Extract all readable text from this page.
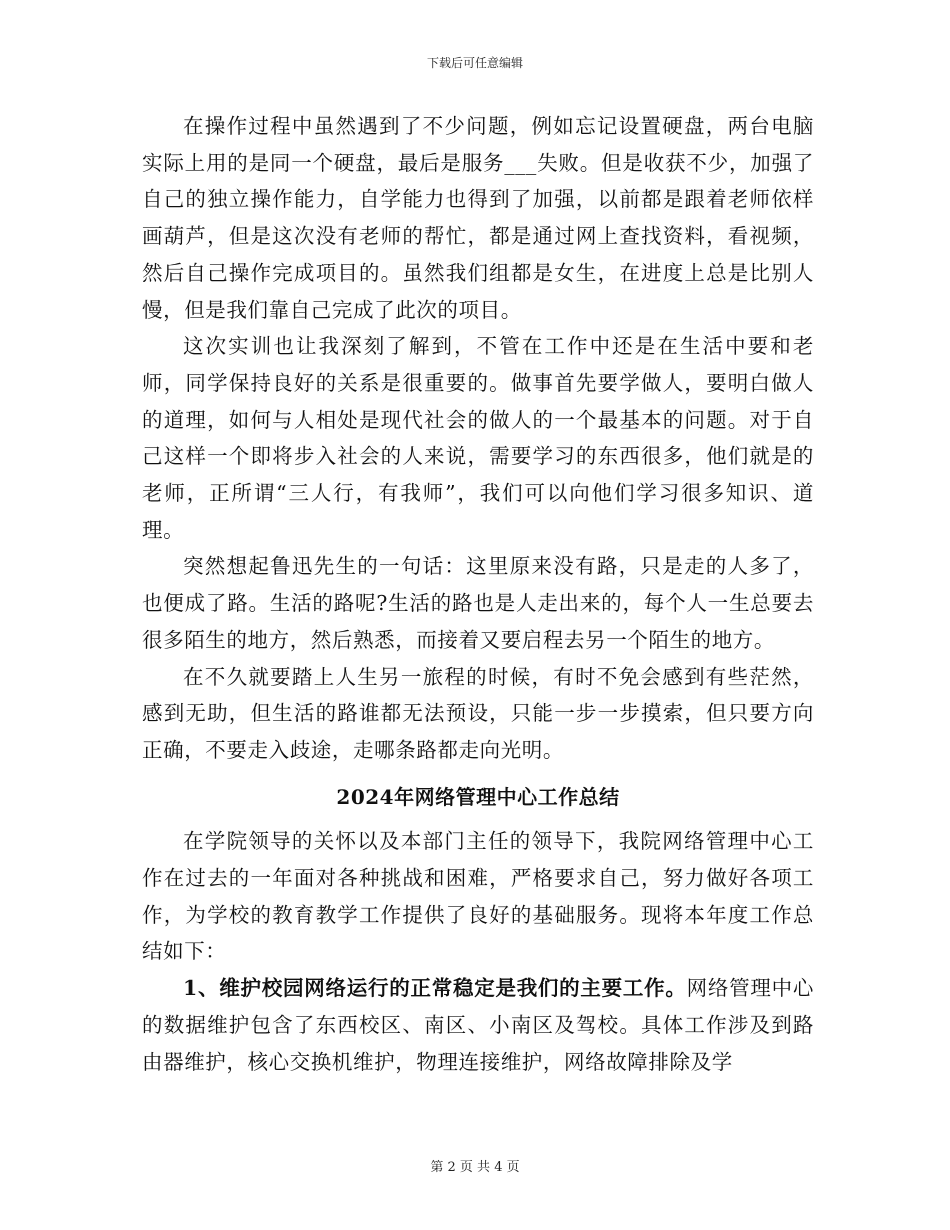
下载后可任意编辑

在操作过程中虽然遇到了不少问题，例如忘记设置硬盘，两台电脑实际上用的是同一个硬盘，最后是服务___失败。但是收获不少，加强了自己的独立操作能力，自学能力也得到了加强，以前都是跟着老师依样画葫芦，但是这次没有老师的帮忙，都是通过网上查找资料，看视频，然后自己操作完成项目的。虽然我们组都是女生，在进度上总是比别人慢，但是我们靠自己完成了此次的项目。

这次实训也让我深刻了解到，不管在工作中还是在生活中要和老师，同学保持良好的关系是很重要的。做事首先要学做人，要明白做人的道理，如何与人相处是现代社会的做人的一个最基本的问题。对于自己这样一个即将步入社会的人来说，需要学习的东西很多，他们就是的老师，正所谓“三人行，有我师”，我们可以向他们学习很多知识、道理。

突然想起鲁迅先生的一句话：这里原来没有路，只是走的人多了，也便成了路。生活的路呢?生活的路也是人走出来的，每个人一生总要去很多陌生的地方，然后熟悉，而接着又要启程去另一个陌生的地方。

在不久就要踏上人生另一旅程的时候，有时不免会感到有些茫然，感到无助，但生活的路谁都无法预设，只能一步一步摸索，但只要方向正确，不要走入歧途，走哪条路都走向光明。

2024年网络管理中心工作总结

在学院领导的关怀以及本部门主任的领导下，我院网络管理中心工作在过去的一年面对各种挑战和困难，严格要求自己，努力做好各项工作，为学校的教育教学工作提供了良好的基础服务。现将本年度工作总结如下：

1、维护校园网络运行的正常稳定是我们的主要工作。网络管理中心的数据维护包含了东西校区、南区、小南区及驾校。具体工作涉及到路由器维护，核心交换机维护，物理连接维护，网络故障排除及学

第 2 页 共 4 页
